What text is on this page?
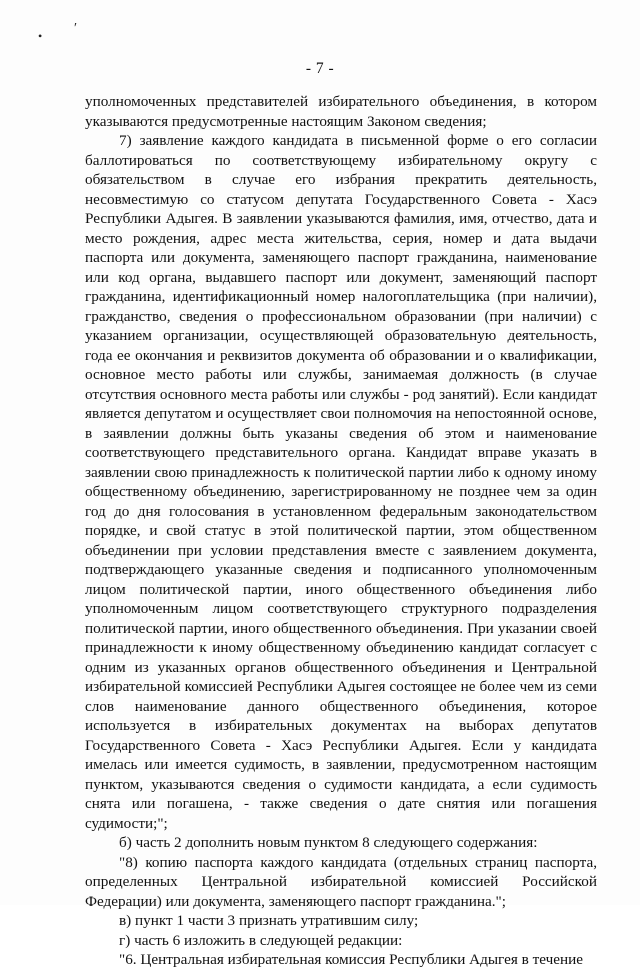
• ′
- 7 -

уполномоченных представителей избирательного объединения, в котором указываются предусмотренные настоящим Законом сведения;

7) заявление каждого кандидата в письменной форме о его согласии баллотироваться по соответствующему избирательному округу с обязательством в случае его избрания прекратить деятельность, несовместимую со статусом депутата Государственного Совета - Хасэ Республики Адыгея. В заявлении указываются фамилия, имя, отчество, дата и место рождения, адрес места жительства, серия, номер и дата выдачи паспорта или документа, заменяющего паспорт гражданина, наименование или код органа, выдавшего паспорт или документ, заменяющий паспорт гражданина, идентификационный номер налогоплательщика (при наличии), гражданство, сведения о профессиональном образовании (при наличии) с указанием организации, осуществляющей образовательную деятельность, года ее окончания и реквизитов документа об образовании и о квалификации, основное место работы или службы, занимаемая должность (в случае отсутствия основного места работы или службы - род занятий). Если кандидат является депутатом и осуществляет свои полномочия на непостоянной основе, в заявлении должны быть указаны сведения об этом и наименование соответствующего представительного органа. Кандидат вправе указать в заявлении свою принадлежность к политической партии либо к одному иному общественному объединению, зарегистрированному не позднее чем за один год до дня голосования в установленном федеральным законодательством порядке, и свой статус в этой политической партии, этом общественном объединении при условии представления вместе с заявлением документа, подтверждающего указанные сведения и подписанного уполномоченным лицом политической партии, иного общественного объединения либо уполномоченным лицом соответствующего структурного подразделения политической партии, иного общественного объединения. При указании своей принадлежности к иному общественному объединению кандидат согласует с одним из указанных органов общественного объединения и Центральной избирательной комиссией Республики Адыгея состоящее не более чем из семи слов наименование данного общественного объединения, которое используется в избирательных документах на выборах депутатов Государственного Совета - Хасэ Республики Адыгея. Если у кандидата имелась или имеется судимость, в заявлении, предусмотренном настоящим пунктом, указываются сведения о судимости кандидата, а если судимость снята или погашена, - также сведения о дате снятия или погашения судимости;";

б) часть 2 дополнить новым пунктом 8 следующего содержания:

"8) копию паспорта каждого кандидата (отдельных страниц паспорта, определенных Центральной избирательной комиссией Российской Федерации) или документа, заменяющего паспорт гражданина.";

в) пункт 1 части 3 признать утратившим силу;

г) часть 6 изложить в следующей редакции:

"6. Центральная избирательная комиссия Республики Адыгея в течение
